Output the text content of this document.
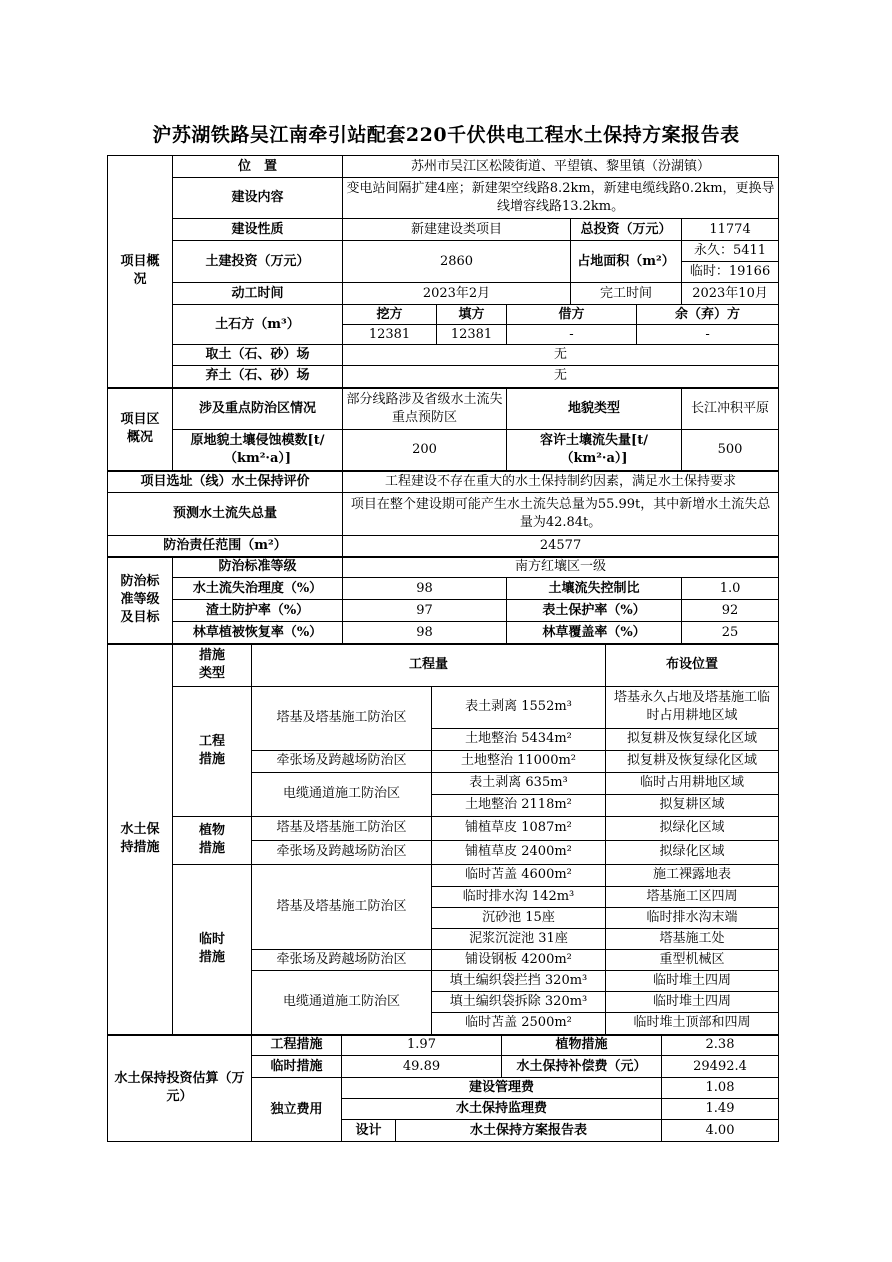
沪苏湖铁路吴江南牵引站配套220千伏供电工程水土保持方案报告表
项目概况	位　置	苏州市吴江区松陵街道、平望镇、黎里镇（汾湖镇）					
	建设内容	变电站间隔扩建4座；新建架空线路8.2km，新建电缆线路0.2km，更换导线增容线路13.2km。					
	建设性质	新建建设类项目			总投资（万元）		11774
	土建投资（万元）	2860			占地面积（m²）		永久：5411
							临时：19166
	动工时间	2023年2月			完工时间		2023年10月
	土石方（m³）	挖方	填方	借方		余（弃）方	
		12381	12381	-		-	
	取土（石、砂）场	无					
	弃土（石、砂）场	无					

项目区概况	涉及重点防治区情况	部分线路涉及省级水土流失重点预防区		地貌类型			长江冲积平原
	原地貌土壤侵蚀模数[t/（km²·a）]	200		容许土壤流失量[t/（km²·a）]			500
项目选址（线）水土保持评价		工程建设不存在重大的水土保持制约因素，满足水土保持要求					
预测水土流失总量		项目在整个建设期可能产生水土流失总量为55.99t，其中新增水土流失总量为42.84t。					
防治责任范围（m²）		24577					

防治标准等级及目标	防治标准等级	南方红壤区一级					
	水土流失治理度（%）	98		土壤流失控制比			1.0
	渣土防护率（%）	97		表土保护率（%）			92
	林草植被恢复率（%）	98		林草覆盖率（%）			25
水土保持措施	措施类型	工程量		布设位置

	工程措施	塔基及塔基施工防治区	表土剥离 1552m³	塔基永久占地及塔基施工临时占用耕地区域
			土地整治 5434m²	拟复耕及恢复绿化区域
		牵张场及跨越场防治区	土地整治 11000m²	拟复耕及恢复绿化区域
		电缆通道施工防治区	表土剥离 635m³	临时占用耕地区域
			土地整治 2118m²	拟复耕区域

	植物措施	塔基及塔基施工防治区	铺植草皮 1087m²	拟绿化区域
		牵张场及跨越场防治区	铺植草皮 2400m²	拟绿化区域

	临时措施	塔基及塔基施工防治区	临时苫盖 4600m²	施工裸露地表
			临时排水沟 142m³	塔基施工区四周
			沉砂池 15座	临时排水沟末端
			泥浆沉淀池 31座	塔基施工处
		牵张场及跨越场防治区	铺设钢板 4200m²	重型机械区
		电缆通道施工防治区	填土编织袋拦挡 320m³	临时堆土四周
			填土编织袋拆除 320m³	临时堆土四周
			临时苫盖 2500m²	临时堆土顶部和四周
水土保持投资估算（万元）	工程措施	1.97		植物措施	2.38
	临时措施	49.89		水土保持补偿费（元）	29492.4
	独立费用	建设管理费			1.08
		水土保持监理费			1.49
		设计	水土保持方案报告表		4.00
